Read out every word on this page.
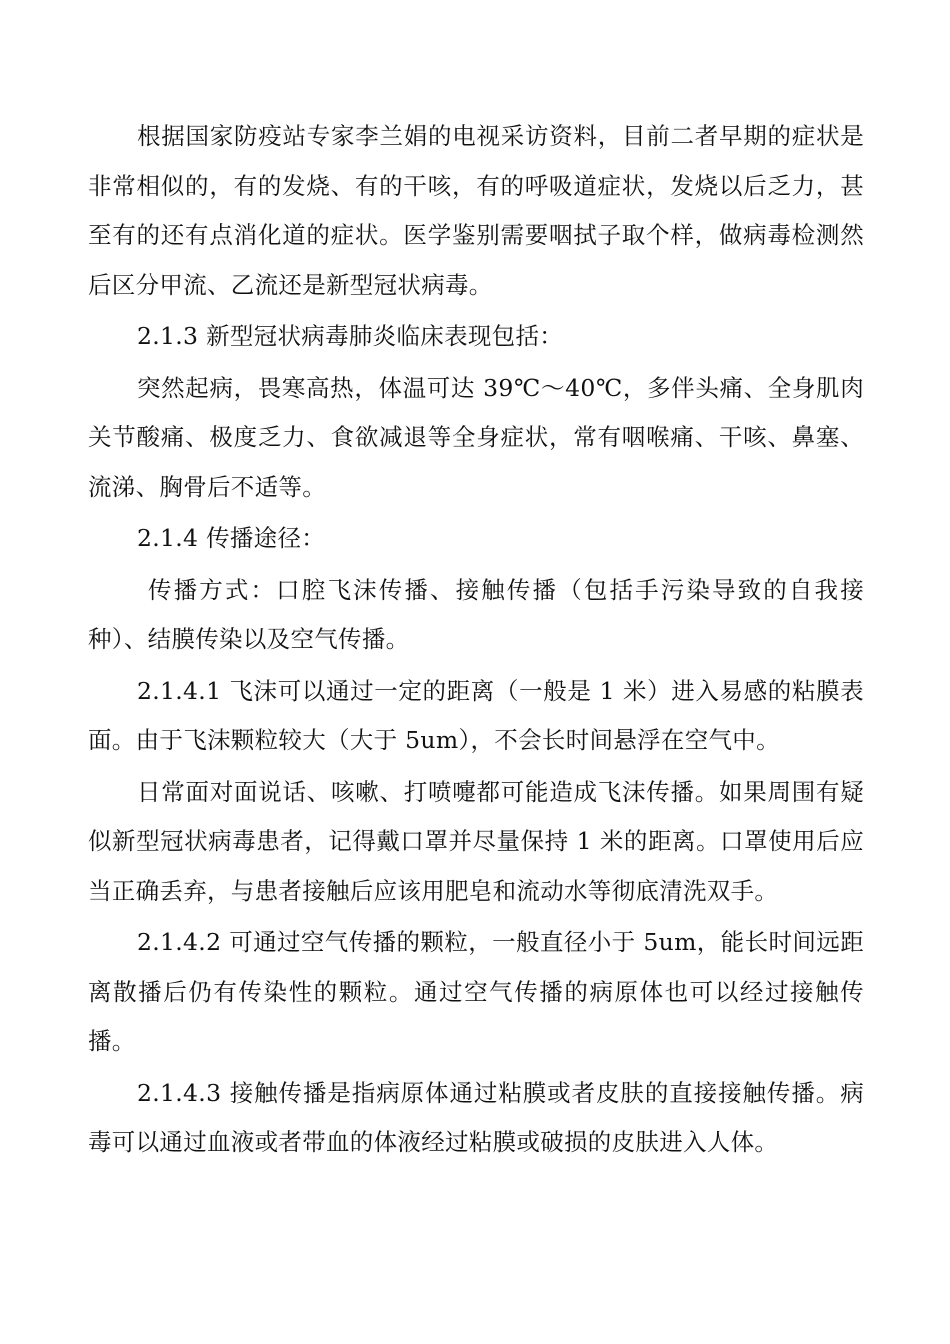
根据国家防疫站专家李兰娟的电视采访资料，目前二者早期的症状是非常相似的，有的发烧、有的干咳，有的呼吸道症状，发烧以后乏力，甚至有的还有点消化道的症状。医学鉴别需要咽拭子取个样，做病毒检测然后区分甲流、乙流还是新型冠状病毒。

2.1.3 新型冠状病毒肺炎临床表现包括：

突然起病，畏寒高热，体温可达 39℃～40℃，多伴头痛、全身肌肉关节酸痛、极度乏力、食欲减退等全身症状，常有咽喉痛、干咳、鼻塞、流涕、胸骨后不适等。

2.1.4 传播途径：

传播方式：口腔飞沫传播、接触传播（包括手污染导致的自我接种）、结膜传染以及空气传播。

2.1.4.1 飞沫可以通过一定的距离（一般是 1 米）进入易感的粘膜表面。由于飞沫颗粒较大（大于 5um），不会长时间悬浮在空气中。

日常面对面说话、咳嗽、打喷嚏都可能造成飞沫传播。如果周围有疑似新型冠状病毒患者，记得戴口罩并尽量保持 1 米的距离。口罩使用后应当正确丢弃，与患者接触后应该用肥皂和流动水等彻底清洗双手。

2.1.4.2 可通过空气传播的颗粒，一般直径小于 5um，能长时间远距离散播后仍有传染性的颗粒。通过空气传播的病原体也可以经过接触传播。

2.1.4.3 接触传播是指病原体通过粘膜或者皮肤的直接接触传播。病毒可以通过血液或者带血的体液经过粘膜或破损的皮肤进入人体。
